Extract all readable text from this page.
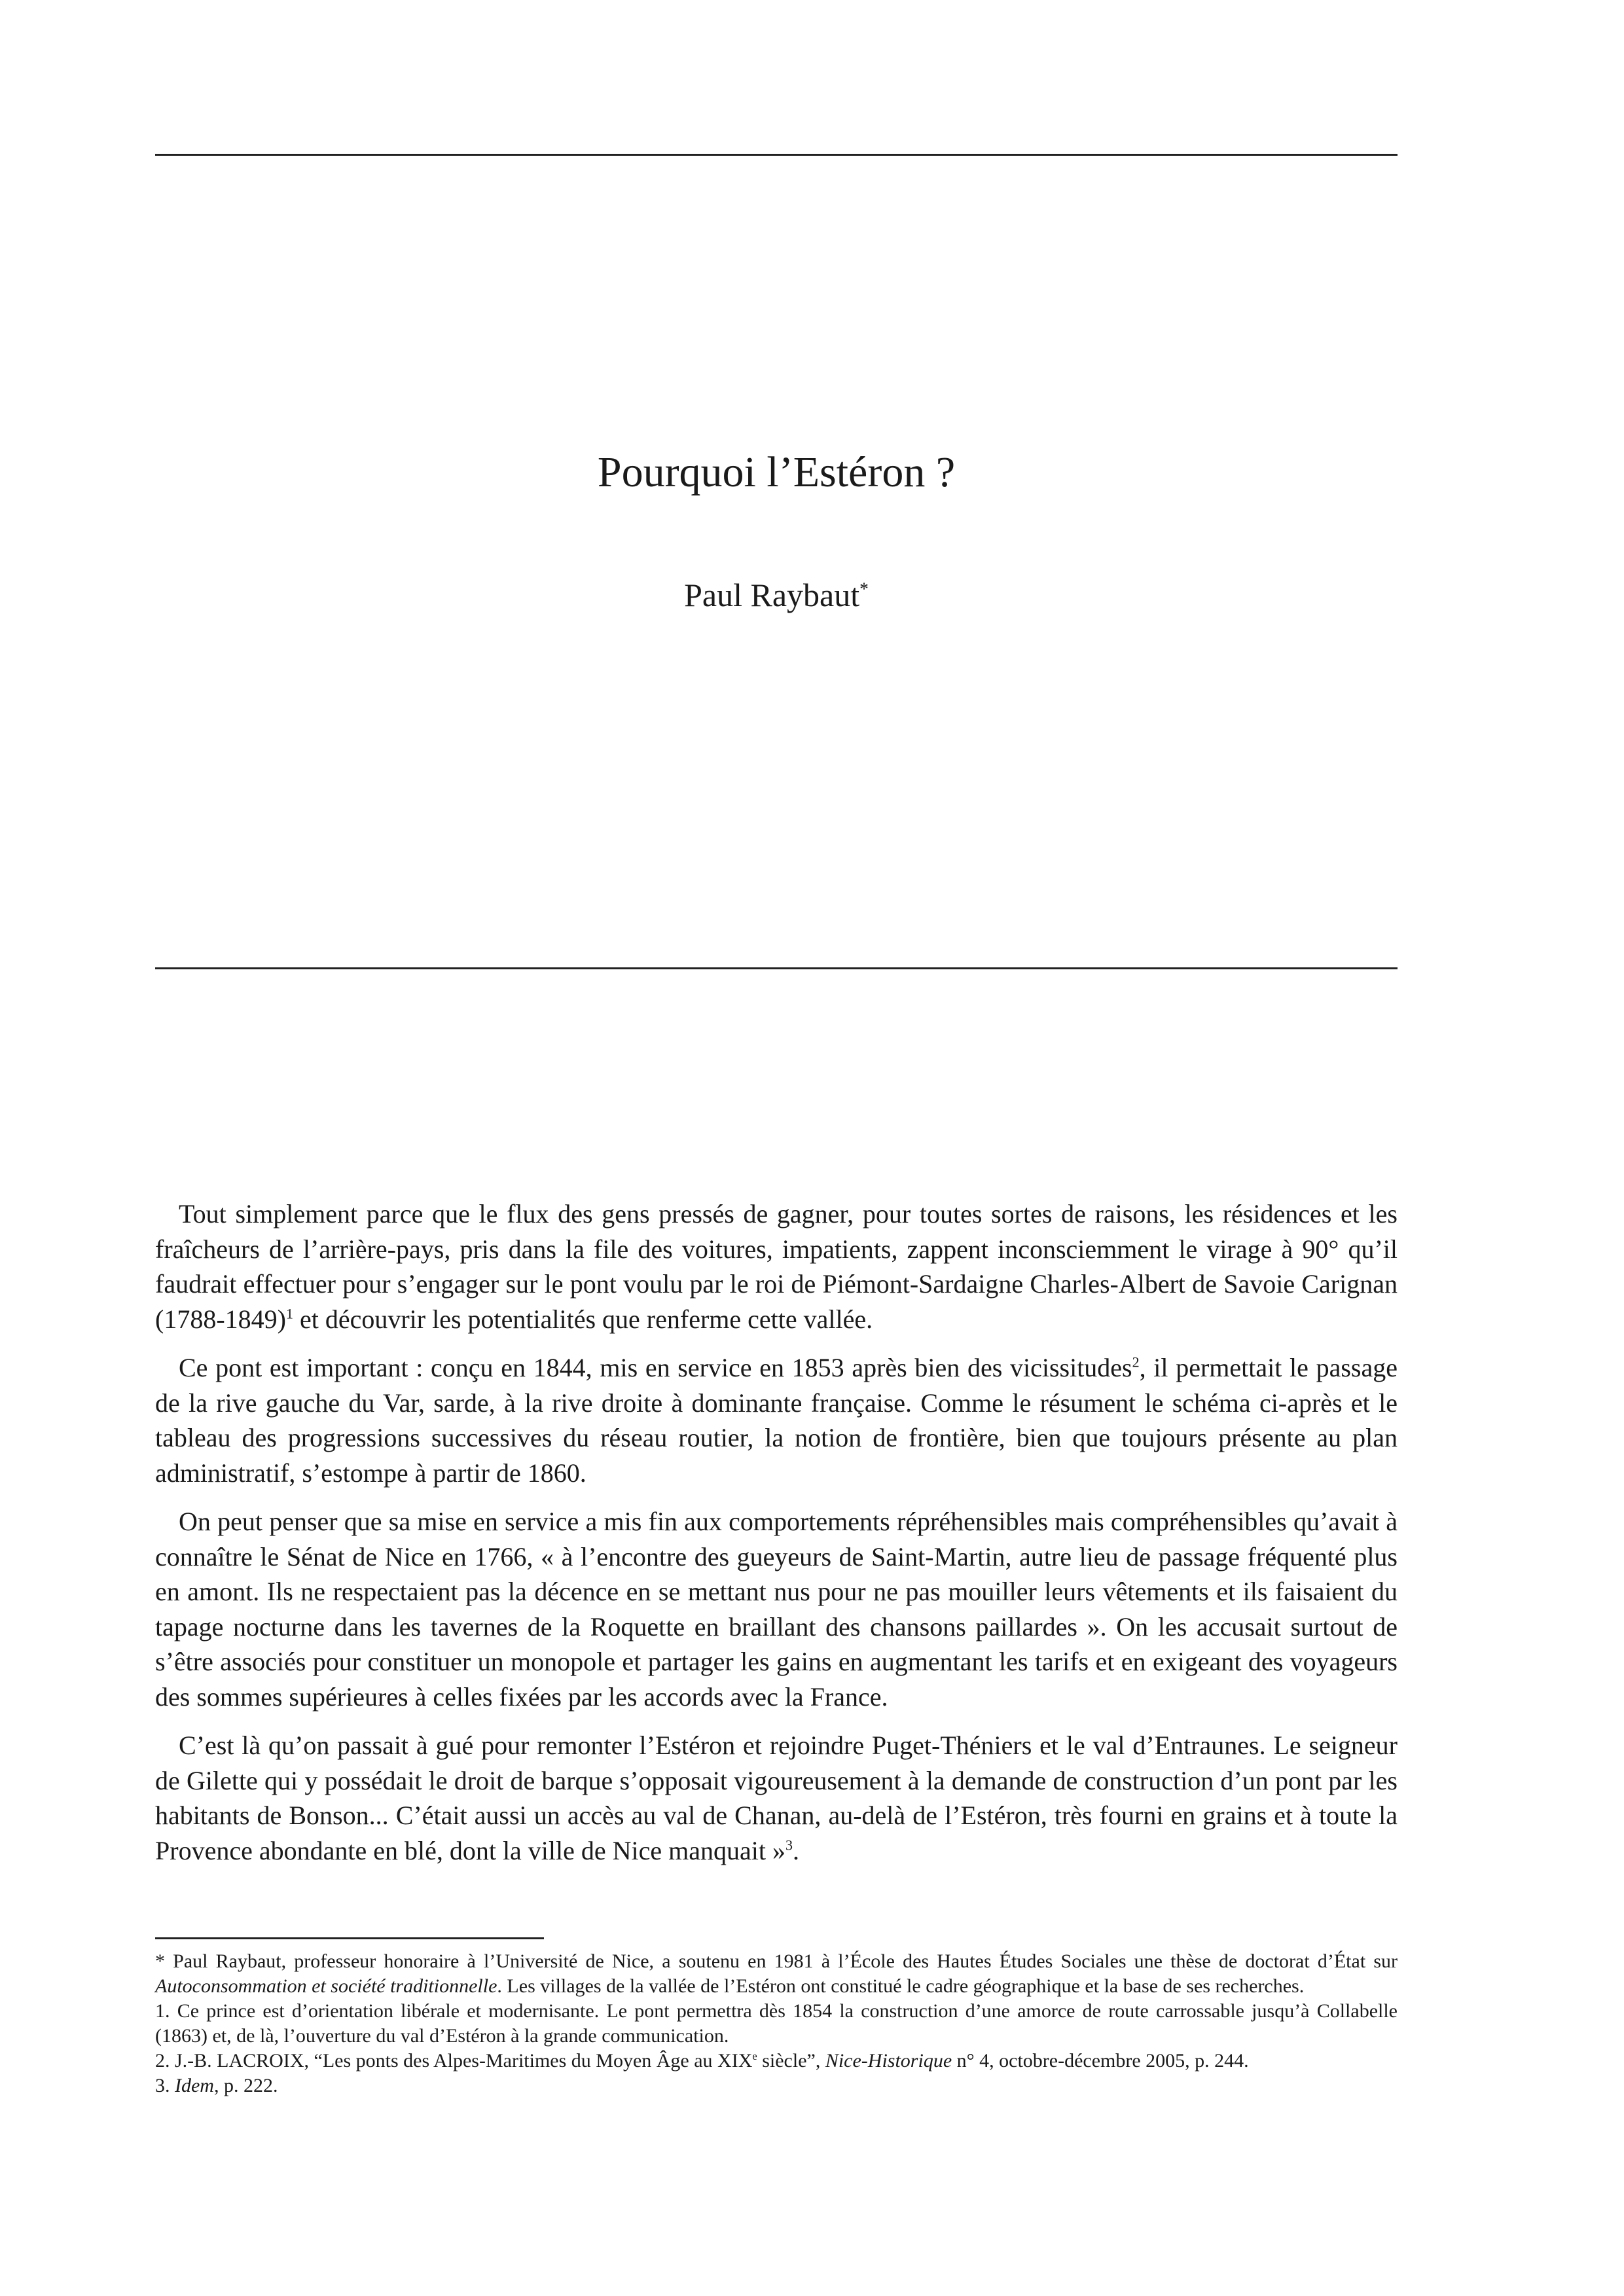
Pourquoi l’Estéron ?
Paul Raybaut*

Tout simplement parce que le flux des gens pressés de gagner, pour toutes sortes de raisons, les résidences et les fraîcheurs de l’arrière-pays, pris dans la file des voitures, impatients, zappent inconsciemment le virage à 90° qu’il faudrait effectuer pour s’engager sur le pont voulu par le roi de Piémont-Sardaigne Charles-Albert de Savoie Carignan (1788-1849)$^1$ et découvrir les potentialités que renferme cette vallée.

Ce pont est important : conçu en 1844, mis en service en 1853 après bien des vicissitudes$^2$, il permettait le passage de la rive gauche du Var, sarde, à la rive droite à dominante française. Comme le résument le schéma ci-après et le tableau des progressions successives du réseau routier, la notion de frontière, bien que toujours présente au plan administratif, s’estompe à partir de 1860.

On peut penser que sa mise en service a mis fin aux comportements répréhensibles mais compréhensibles qu’avait à connaître le Sénat de Nice en 1766, « à l’encontre des gueyeurs de Saint-Martin, autre lieu de passage fréquenté plus en amont. Ils ne respectaient pas la décence en se mettant nus pour ne pas mouiller leurs vêtements et ils faisaient du tapage nocturne dans les tavernes de la Roquette en braillant des chansons paillardes ». On les accusait surtout de s’être associés pour constituer un monopole et partager les gains en augmentant les tarifs et en exigeant des voyageurs des sommes supérieures à celles fixées par les accords avec la France.

C’est là qu’on passait à gué pour remonter l’Estéron et rejoindre Puget-Théniers et le val d’Entraunes. Le seigneur de Gilette qui y possédait le droit de barque s’opposait vigoureusement à la demande de construction d’un pont par les habitants de Bonson... C’était aussi un accès au val de Chanan, au-delà de l’Estéron, très fourni en grains et à toute la Provence abondante en blé, dont la ville de Nice manquait »$^3$.

* Paul Raybaut, professeur honoraire à l’Université de Nice, a soutenu en 1981 à l’École des Hautes Études Sociales une thèse de doctorat d’État sur Autoconsommation et société traditionnelle. Les villages de la vallée de l’Estéron ont constitué le cadre géographique et la base de ses recherches.

1. Ce prince est d’orientation libérale et modernisante. Le pont permettra dès 1854 la construction d’une amorce de route carrossable jusqu’à Collabelle (1863) et, de là, l’ouverture du val d’Estéron à la grande communication.

2. J.-B. LACROIX, “Les ponts des Alpes-Maritimes du Moyen Âge au XIXe siècle”, Nice-Historique n° 4, octobre-décembre 2005, p. 244.

3. Idem, p. 222.
